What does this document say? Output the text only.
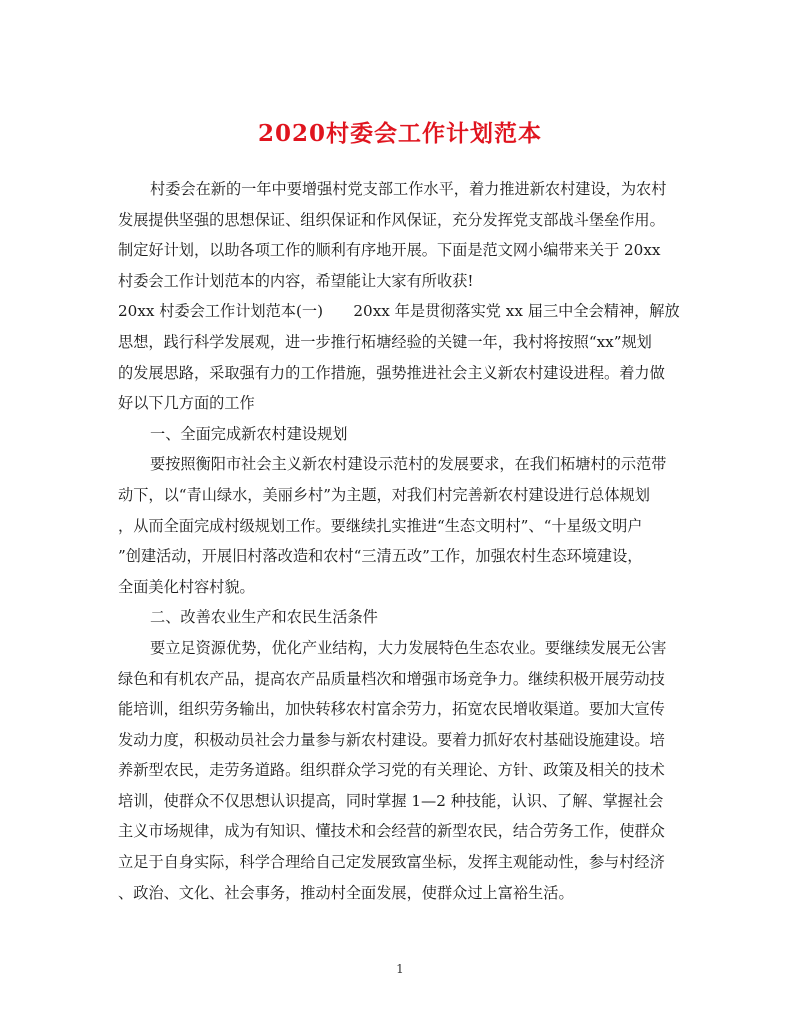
2020村委会工作计划范本
村委会在新的一年中要增强村党支部工作水平，着力推进新农村建设，为农村
发展提供坚强的思想保证、组织保证和作风保证，充分发挥党支部战斗堡垒作用。
制定好计划，以助各项工作的顺利有序地开展。下面是范文网小编带来关于 20xx
村委会工作计划范本的内容，希望能让大家有所收获!
20xx 村委会工作计划范本(一)　　20xx 年是贯彻落实党 xx 届三中全会精神，解放
思想，践行科学发展观，进一步推行柘塘经验的关键一年，我村将按照“xx”规划
的发展思路，采取强有力的工作措施，强势推进社会主义新农村建设进程。着力做
好以下几方面的工作
一、全面完成新农村建设规划
要按照衡阳市社会主义新农村建设示范村的发展要求，在我们柘塘村的示范带
动下，以“青山绿水，美丽乡村”为主题，对我们村完善新农村建设进行总体规划
，从而全面完成村级规划工作。要继续扎实推进“生态文明村”、“十星级文明户
”创建活动，开展旧村落改造和农村“三清五改”工作，加强农村生态环境建设，
全面美化村容村貌。
二、改善农业生产和农民生活条件
要立足资源优势，优化产业结构，大力发展特色生态农业。要继续发展无公害
绿色和有机农产品，提高农产品质量档次和增强市场竞争力。继续积极开展劳动技
能培训，组织劳务输出，加快转移农村富余劳力，拓宽农民增收渠道。要加大宣传
发动力度，积极动员社会力量参与新农村建设。要着力抓好农村基础设施建设。培
养新型农民，走劳务道路。组织群众学习党的有关理论、方针、政策及相关的技术
培训，使群众不仅思想认识提高，同时掌握 1—2 种技能，认识、了解、掌握社会
主义市场规律，成为有知识、懂技术和会经营的新型农民，结合劳务工作，使群众
立足于自身实际，科学合理给自己定发展致富坐标，发挥主观能动性，参与村经济
、政治、文化、社会事务，推动村全面发展，使群众过上富裕生活。
1
